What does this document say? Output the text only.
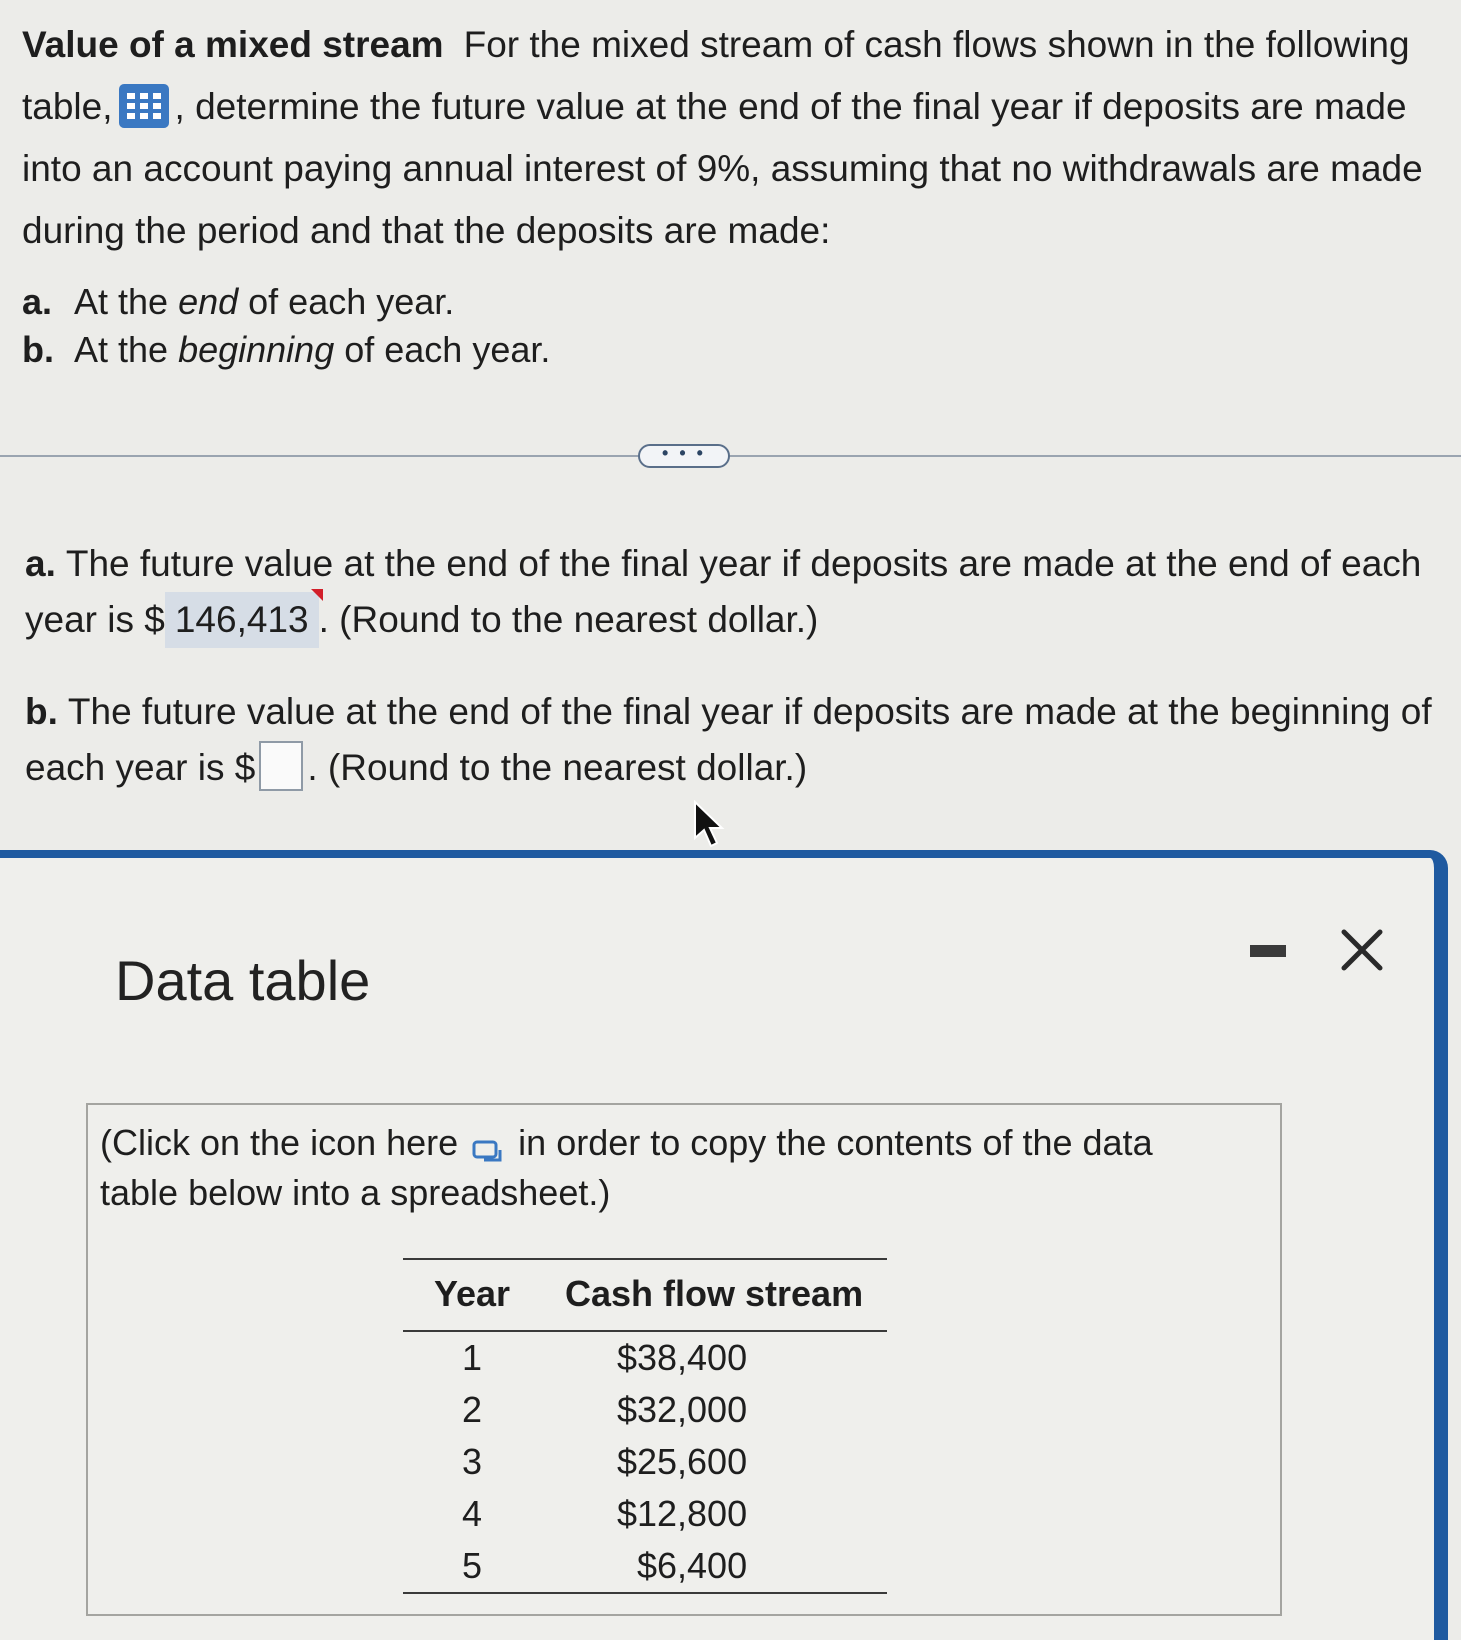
Value of a mixed stream For the mixed stream of cash flows shown in the following table, , determine the future value at the end of the final year if deposits are made into an account paying annual interest of 9%, assuming that no withdrawals are made during the period and that the deposits are made:
a. At the end of each year.
b. At the beginning of each year.
• • •
a. The future value at the end of the final year if deposits are made at the end of each year is $ 146,413 . (Round to the nearest dollar.)
b. The future value at the end of the final year if deposits are made at the beginning of each year is $ . (Round to the nearest dollar.)
Data table
(Click on the icon here in order to copy the contents of the data table below into a spreadsheet.)
Year	Cash flow stream
1	$38,400
2	$32,000
3	$25,600
4	$12,800
5	$6,400
